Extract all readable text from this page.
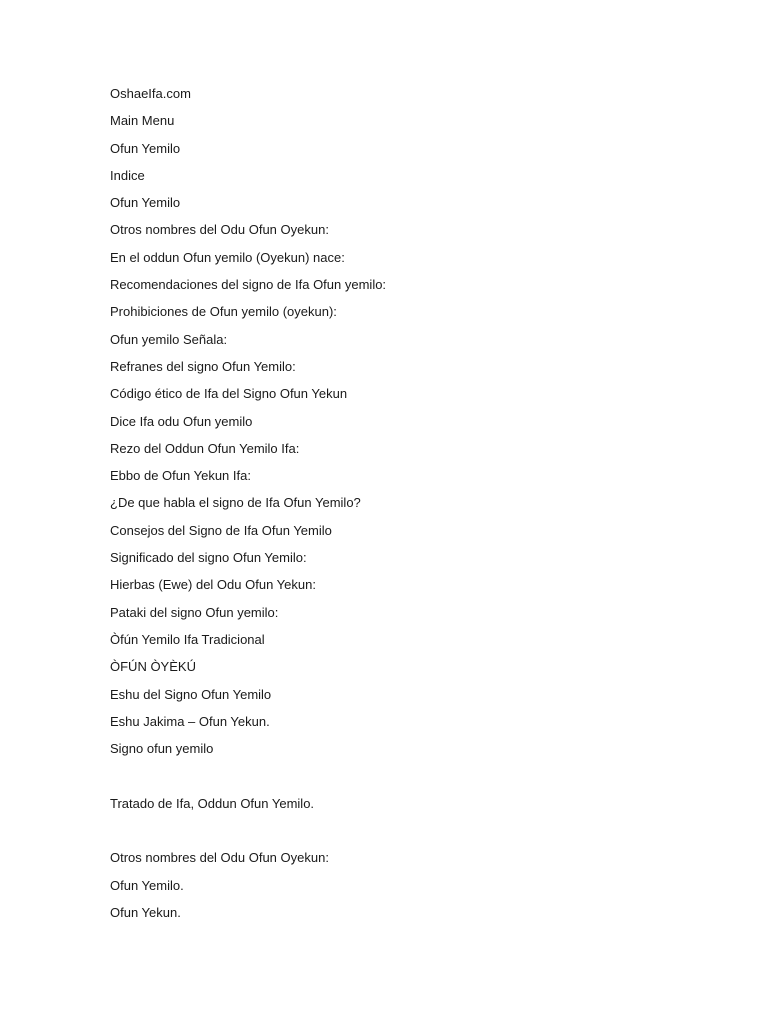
OshaeIfa.com
Main Menu
Ofun Yemilo
Indice
Ofun Yemilo
Otros nombres del Odu Ofun Oyekun:
En el oddun Ofun yemilo (Oyekun) nace:
Recomendaciones del signo de Ifa Ofun yemilo:
Prohibiciones de Ofun yemilo (oyekun):
Ofun yemilo Señala:
Refranes del signo Ofun Yemilo:
Código ético de Ifa del Signo Ofun Yekun
Dice Ifa odu Ofun yemilo
Rezo del Oddun Ofun Yemilo Ifa:
Ebbo de Ofun Yekun Ifa:
¿De que habla el signo de Ifa Ofun Yemilo?
Consejos del Signo de Ifa Ofun Yemilo
Significado del signo Ofun Yemilo:
Hierbas (Ewe) del Odu Ofun Yekun:
Pataki del signo Ofun yemilo:
Òfún Yemilo Ifa Tradicional
ÒFÚN ÒYÈKÚ
Eshu del Signo Ofun Yemilo
Eshu Jakima – Ofun Yekun.
Signo ofun yemilo
Tratado de Ifa, Oddun Ofun Yemilo.
Otros nombres del Odu Ofun Oyekun:
Ofun Yemilo.
Ofun Yekun.
